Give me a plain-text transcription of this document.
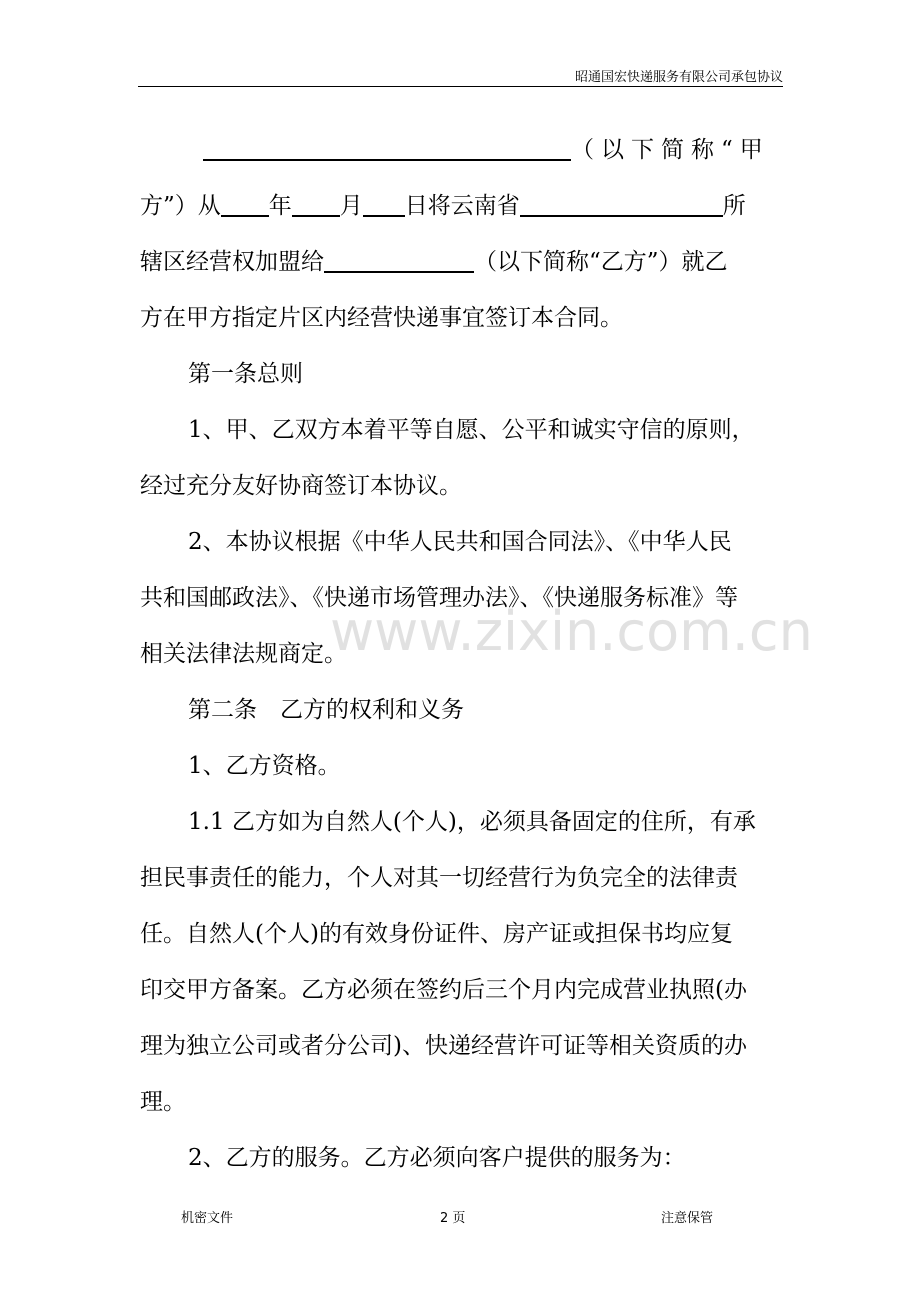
昭通国宏快递服务有限公司承包协议
www.zixin.com.cn
（以下简称“甲
方”）从 年 月 日将云南省	所
辖区经营权加盟给	（以下简称“乙方”）就乙
方在甲方指定片区内经营快递事宜签订本合同。
第一条总则
1、甲、乙双方本着平等自愿、公平和诚实守信的原则，
经过充分友好协商签订本协议。
2、本协议根据《中华人民共和国合同法》、《中华人民
共和国邮政法》、《快递市场管理办法》、《快递服务标准》等
相关法律法规商定。
第二条　乙方的权利和义务
1、乙方资格。
1.1 乙方如为自然人(个人)，必须具备固定的住所，有承
担民事责任的能力，个人对其一切经营行为负完全的法律责
任。自然人(个人)的有效身份证件、房产证或担保书均应复
印交甲方备案。乙方必须在签约后三个月内完成营业执照(办
理为独立公司或者分公司)、快递经营许可证等相关资质的办
理。
2、乙方的服务。乙方必须向客户提供的服务为：
机密文件	2 页	注意保管
